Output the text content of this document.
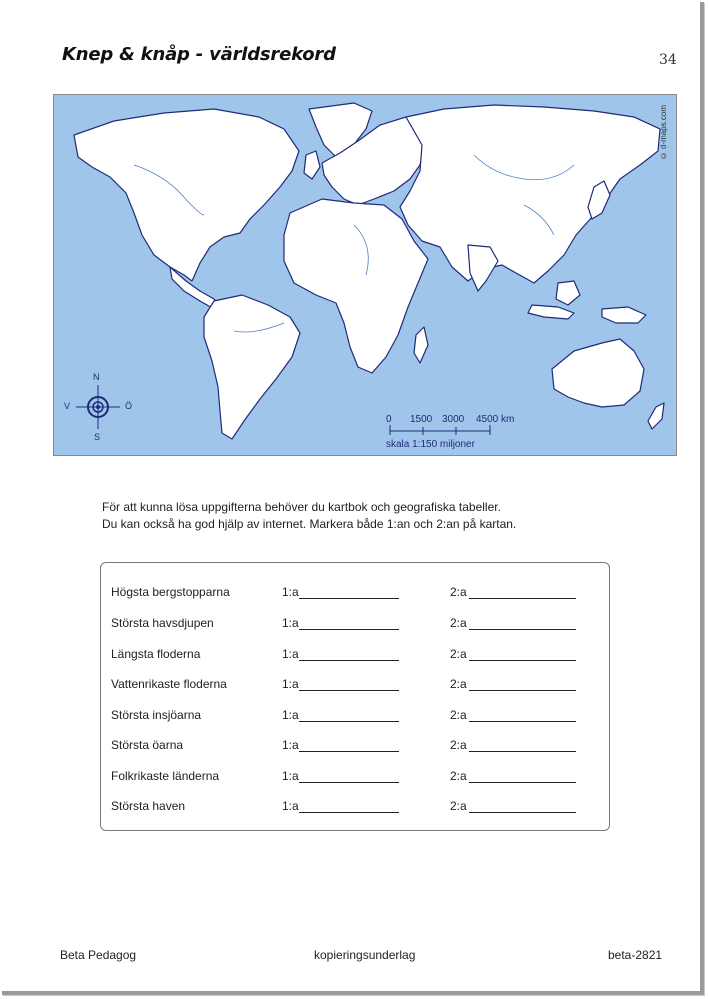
Knep & knåp - världsrekord	34
© d-maps.com
N
S
V	Ö
0 1500 3000 4500 km
skala 1:150 miljoner
För att kunna lösa uppgifterna behöver du kartbok och geografiska tabeller.
Du kan också ha god hjälp av internet. Markera både 1:an och 2:an på kartan.
Högsta bergstopparna	1:a	2:a
Största havsdjupen	1:a	2:a
Längsta floderna	1:a	2:a
Vattenrikaste floderna	1:a	2:a
Största insjöarna	1:a	2:a
Största öarna	1:a	2:a
Folkrikaste länderna	1:a	2:a
Största haven	1:a	2:a
Beta Pedagog	kopieringsunderlag	beta-2821
